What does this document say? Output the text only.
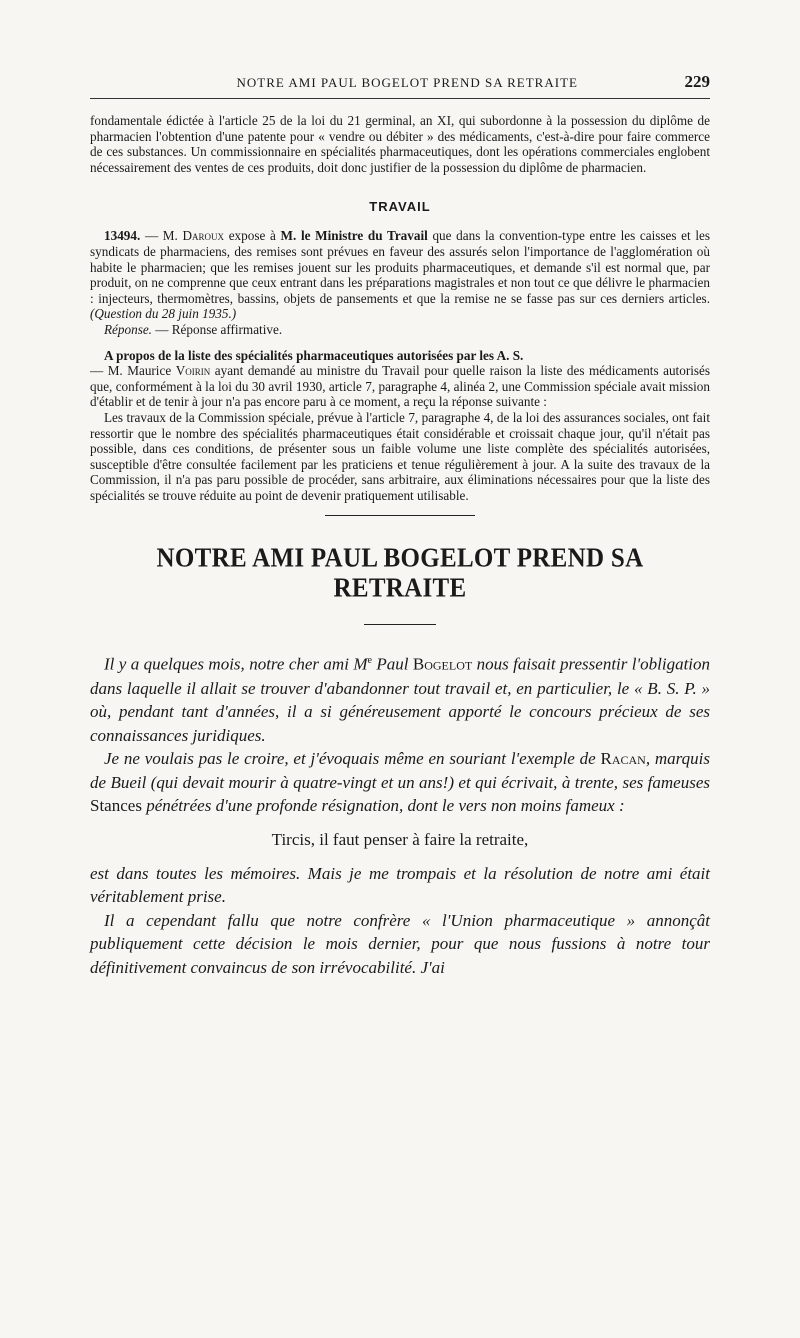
NOTRE AMI PAUL BOGELOT PREND SA RETRAITE	229

fondamentale édictée à l'article 25 de la loi du 21 germinal, an XI, qui subordonne à la possession du diplôme de pharmacien l'obtention d'une patente pour « vendre ou débiter » des médicaments, c'est-à-dire pour faire commerce de ces substances. Un commissionnaire en spécialités pharmaceutiques, dont les opérations commerciales englobent nécessairement des ventes de ces produits, doit donc justifier de la possession du diplôme de pharmacien.

TRAVAIL

13494. — M. Daroux expose à M. le Ministre du Travail que dans la convention-type entre les caisses et les syndicats de pharmaciens, des remises sont prévues en faveur des assurés selon l'importance de l'agglomération où habite le pharmacien; que les remises jouent sur les produits pharmaceutiques, et demande s'il est normal que, par produit, on ne comprenne que ceux entrant dans les préparations magistrales et non tout ce que délivre le pharmacien : injecteurs, thermomètres, bassins, objets de pansements et que la remise ne se fasse pas sur ces derniers articles. (Question du 28 juin 1935.)

Réponse. — Réponse affirmative.

A propos de la liste des spécialités pharmaceutiques autorisées par les A. S.

— M. Maurice Voirin ayant demandé au ministre du Travail pour quelle raison la liste des médicaments autorisés que, conformément à la loi du 30 avril 1930, article 7, paragraphe 4, alinéa 2, une Commission spéciale avait mission d'établir et de tenir à jour n'a pas encore paru à ce moment, a reçu la réponse suivante :

Les travaux de la Commission spéciale, prévue à l'article 7, paragraphe 4, de la loi des assurances sociales, ont fait ressortir que le nombre des spécialités pharmaceutiques était considérable et croissait chaque jour, qu'il n'était pas possible, dans ces conditions, de présenter sous un faible volume une liste complète des spécialités autorisées, susceptible d'être consultée facilement par les praticiens et tenue régulièrement à jour. A la suite des travaux de la Commission, il n'a pas paru possible de procéder, sans arbitraire, aux éliminations nécessaires pour que la liste des spécialités se trouve réduite au point de devenir pratiquement utilisable.

NOTRE AMI PAUL BOGELOT PREND SA RETRAITE

Il y a quelques mois, notre cher ami Me Paul Bogelot nous faisait pressentir l'obligation dans laquelle il allait se trouver d'abandonner tout travail et, en particulier, le « B. S. P. » où, pendant tant d'années, il a si généreusement apporté le concours précieux de ses connaissances juridiques.

Je ne voulais pas le croire, et j'évoquais même en souriant l'exemple de Racan, marquis de Bueil (qui devait mourir à quatre-vingt et un ans!) et qui écrivait, à trente, ses fameuses Stances pénétrées d'une profonde résignation, dont le vers non moins fameux :

Tircis, il faut penser à faire la retraite,

est dans toutes les mémoires. Mais je me trompais et la résolution de notre ami était véritablement prise.

Il a cependant fallu que notre confrère « l'Union pharmaceutique » annonçât publiquement cette décision le mois dernier, pour que nous fussions à notre tour définitivement convaincus de son irrévocabilité. J'ai
